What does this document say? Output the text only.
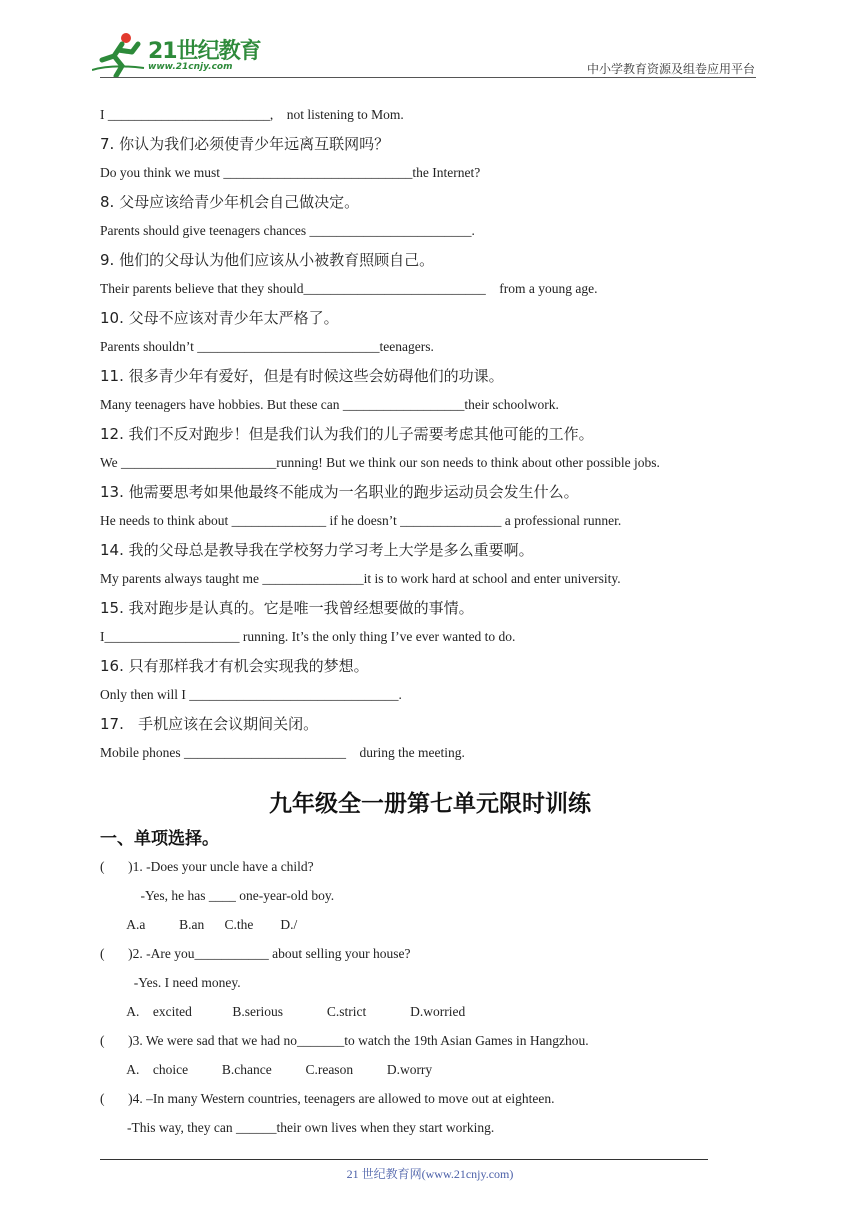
21世纪教育
www.21cnjy.com	中小学教育资源及组卷应用平台
I ________________________,    not listening to Mom.
7. 你认为我们必须使青少年远离互联网吗？
Do you think we must ____________________________the Internet?
8. 父母应该给青少年机会自己做决定。
Parents should give teenagers chances ________________________.
9. 他们的父母认为他们应该从小被教育照顾自己。
Their parents believe that they should___________________________    from a young age.
10. 父母不应该对青少年太严格了。
Parents shouldn’t ___________________________teenagers.
11. 很多青少年有爱好，但是有时候这些会妨碍他们的功课。
Many teenagers have hobbies. But these can __________________their schoolwork.
12. 我们不反对跑步！但是我们认为我们的儿子需要考虑其他可能的工作。
We _______________________running! But we think our son needs to think about other possible jobs.
13. 他需要思考如果他最终不能成为一名职业的跑步运动员会发生什么。
He needs to think about ______________ if he doesn’t _______________ a professional runner.
14. 我的父母总是教导我在学校努力学习考上大学是多么重要啊。
My parents always taught me _______________it is to work hard at school and enter university.
15. 我对跑步是认真的。它是唯一我曾经想要做的事情。
I____________________ running. It’s the only thing I’ve ever wanted to do.
16. 只有那样我才有机会实现我的梦想。
Only then will I _______________________________.
17.   手机应该在会议期间关闭。
Mobile phones ________________________    during the meeting.
九年级全一册第七单元限时训练
一、单项选择。
(       )1. -Does your uncle have a child?
-Yes, he has ____ one-year-old boy.
A.a          B.an      C.the        D./
(       )2. -Are you___________ about selling your house?
-Yes. I need money.
A.    excited            B.serious             C.strict             D.worried
(       )3. We were sad that we had no_______to watch the 19th Asian Games in Hangzhou.
A.    choice          B.chance          C.reason          D.worry
(       )4. –In many Western countries, teenagers are allowed to move out at eighteen.
-This way, they can ______their own lives when they start working.
21 世纪教育网(www.21cnjy.com)
